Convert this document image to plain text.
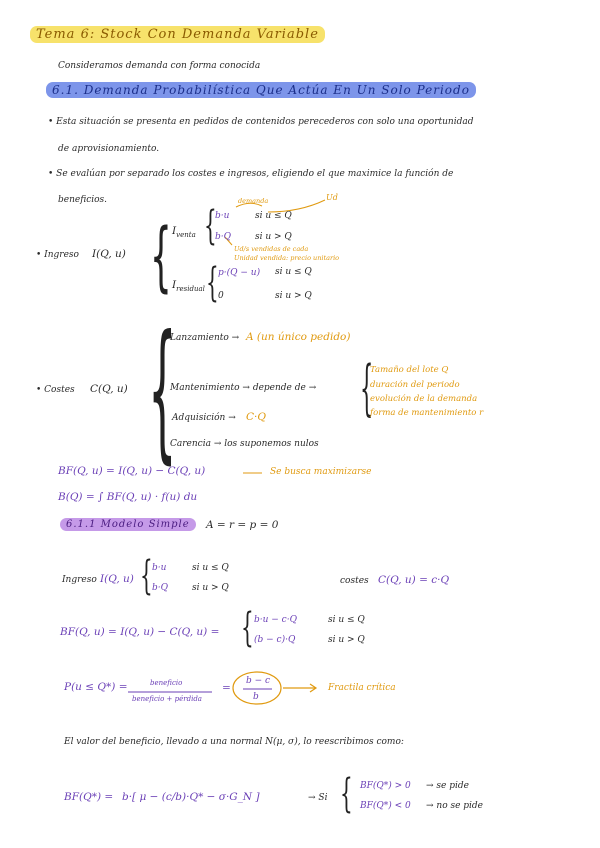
Tema 6: Stock Con Demanda Variable
Consideramos demanda con forma conocida
6.1. Demanda Probabilística Que Actúa En Un Solo Periodo
• Esta situación se presenta en pedidos de contenidos perecederos con solo una oportunidad
de aprovisionamiento.
• Se evalúan por separado los costes e ingresos, eligiendo el que maximice la función de
beneficios.
• Ingreso I(Q, u) { $I_{venta}$ {
b·u	si u ≤ Q
b·Q	si u > Q
demanda	Ud
Ud/s vendidas de cada
Unidad vendida: precio unitario
$I_{residual}$ { p·(Q − u) si u ≤ Q
0	si u > Q
• Costes C(Q, u) {
Lanzamiento → A (un único pedido)
Mantenimiento → depende de → {
Tamaño del lote Q
duración del periodo
evolución de la demanda
forma de mantenimiento r
Adquisición → C·Q
Carencia → los suponemos nulos
BF(Q, u) = I(Q, u) − C(Q, u)	Se busca maximizarse
B(Q) = ∫ BF(Q, u) · f(u) du
6.1.1 Modelo Simple	A = r = p = 0
Ingreso I(Q, u) { b·u	si u ≤ Q
b·Q	si u > Q
costes C(Q, u) = c·Q
BF(Q, u) = I(Q, u) − C(Q, u) = { b·u − c·Q	si u ≤ Q
(b − c)·Q	si u > Q
P(u ≤ Q*) =	beneficio
beneficio + pérdida
=
b − c
b
Fractila crítica
El valor del beneficio, llevado a una normal N(μ, σ), lo reescribimos como:
BF(Q*) = b·[ μ − (c/b)·Q* − σ·G_N ]	→ Si { BF(Q*) > 0 → se pide
BF(Q*) < 0 → no se pide
